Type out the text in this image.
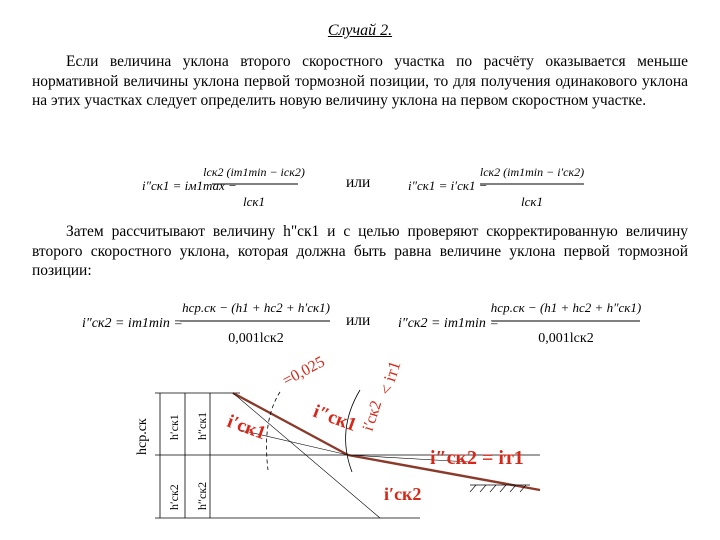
Случай 2.

Если величина уклона второго скоростного участка по расчёту оказывается меньше нормативной величины уклона первой тормозной позиции, то для получения одинакового уклона на этих участках следует определить новую величину уклона на первом скоростном участке.

i″ск1 = iм1max −
lск2 (im1min − iск2)
lск1
или	i″ск1 = i′ск1 −
lск2 (im1min − i′ск2)
lск1

Затем рассчитывают величину h"ск1 и с целью проверяют скорректированную величину второго скоростного уклона, которая должна быть равна величине уклона первой тормозной позиции:

i″ск2 = im1min =
hср.ск − (h1 + hc2 + h′ск1)
0,001lск2
или i″ск2 = im1min =
hср.ск − (h1 + hc2 + h″ск1)
0,001lск2
hср.ск h′ск1 h″ск1
h′ск2 h″ск2
=0,025	< iт1
i′ск2
i′ск1 i″ск1
i″ск2 = iт1
i′ск2
